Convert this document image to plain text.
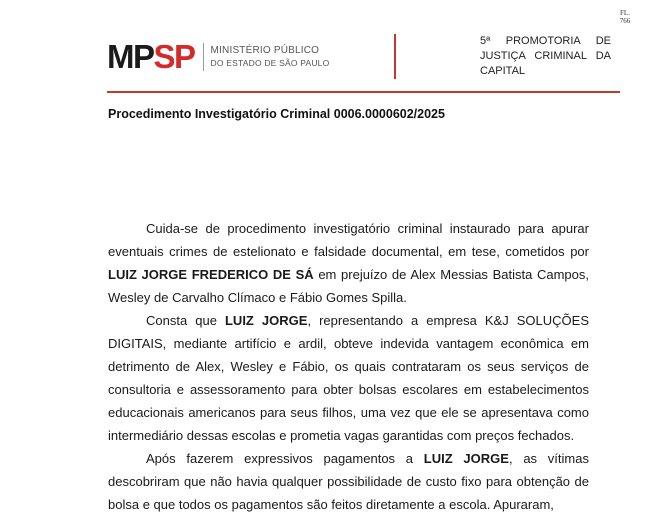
FL.
766
MPSP MINISTÉRIO PÚBLICO
DO ESTADO DE SÃO PAULO
5ª PROMOTORIA DE
JUSTIÇA CRIMINAL DA
CAPITAL
Procedimento Investigatório Criminal 0006.0000602/2025

Cuida-se de procedimento investigatório criminal instaurado para apurar eventuais crimes de estelionato e falsidade documental, em tese, cometidos por LUIZ JORGE FREDERICO DE SÁ em prejuízo de Alex Messias Batista Campos, Wesley de Carvalho Clímaco e Fábio Gomes Spilla.

Consta que LUIZ JORGE, representando a empresa K&J SOLUÇÕES DIGITAIS, mediante artifício e ardil, obteve indevida vantagem econômica em detrimento de Alex, Wesley e Fábio, os quais contrataram os seus serviços de consultoria e assessoramento para obter bolsas escolares em estabelecimentos educacionais americanos para seus filhos, uma vez que ele se apresentava como intermediário dessas escolas e prometia vagas garantidas com preços fechados.

Após fazerem expressivos pagamentos a LUIZ JORGE, as vítimas descobriram que não havia qualquer possibilidade de custo fixo para obtenção de bolsa e que todos os pagamentos são feitos diretamente a escola. Apuraram,
